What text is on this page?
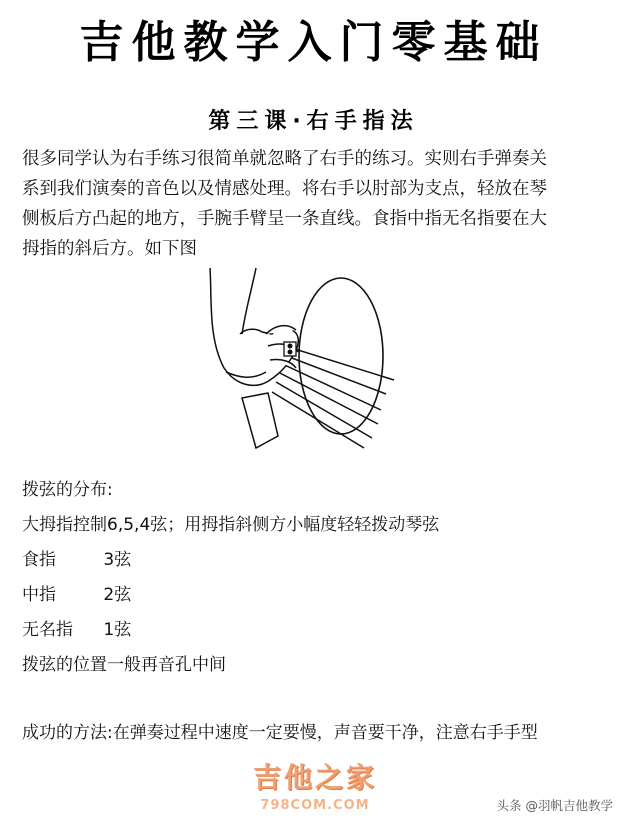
吉他教学入门零基础
第三课·右手指法
很多同学认为右手练习很简单就忽略了右手的练习。实则右手弹奏关
系到我们演奏的音色以及情感处理。将右手以肘部为支点，轻放在琴
侧板后方凸起的地方，手腕手臂呈一条直线。食指中指无名指要在大
拇指的斜后方。如下图
拨弦的分布:
大拇指控制6,5,4弦；用拇指斜侧方小幅度轻轻拨动琴弦
食指	3弦
中指	2弦
无名指 1弦
拨弦的位置一般再音孔中间
成功的方法:在弹奏过程中速度一定要慢，声音要干净，注意右手手型
吉他之家
798COM.COM	头条 @羽帆吉他教学
